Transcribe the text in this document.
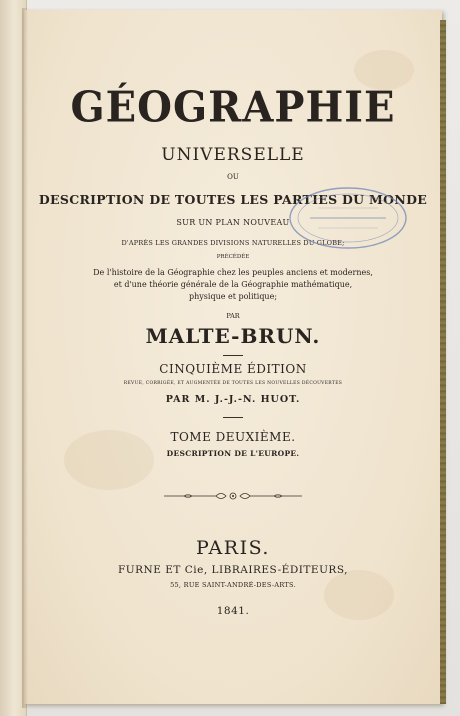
GÉOGRAPHIE
UNIVERSELLE
OU
DESCRIPTION DE TOUTES LES PARTIES DU MONDE
SUR UN PLAN NOUVEAU
D'APRÈS LES GRANDES DIVISIONS NATURELLES DU GLOBE;
PRÉCÉDÉE
De l'histoire de la Géographie chez les peuples anciens et modernes,
et d'une théorie générale de la Géographie mathématique,
physique et politique;
PAR
MALTE-BRUN.
CINQUIÈME ÉDITION
REVUE, CORRIGÉE, ET AUGMENTÉE DE TOUTES LES NOUVELLES DÉCOUVERTES
PAR M. J.-J.-N. HUOT.
TOME DEUXIÈME.
DESCRIPTION DE L'EUROPE.
PARIS.
FURNE ET Cie, LIBRAIRES-ÉDITEURS,
55, RUE SAINT-ANDRÉ-DES-ARTS.
1841.
